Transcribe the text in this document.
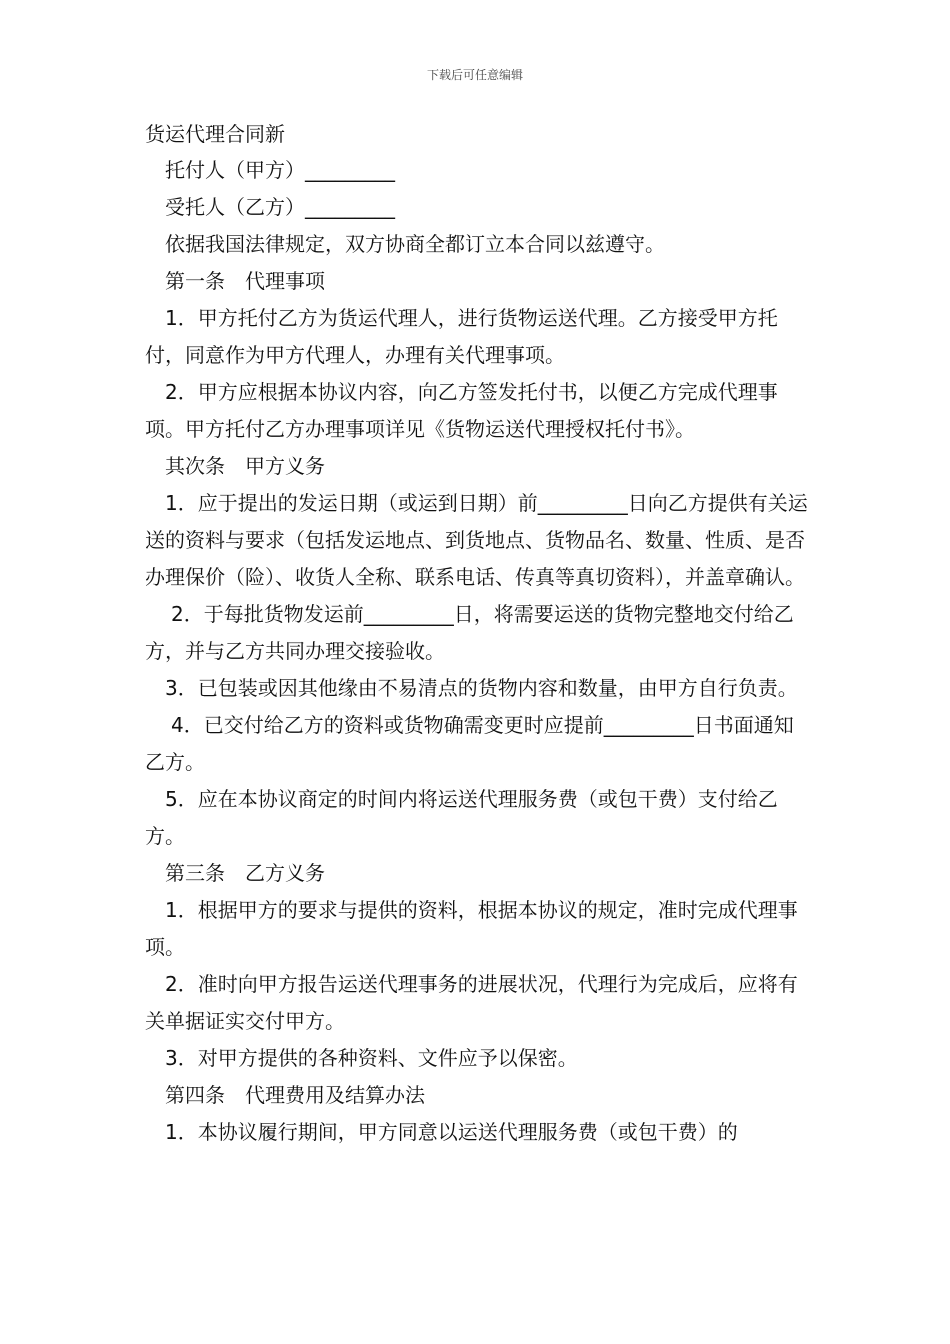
下载后可任意编辑
货运代理合同新

托付人（甲方）_________

受托人（乙方）_________

依据我国法律规定，双方协商全都订立本合同以兹遵守。

第一条　代理事项

1．甲方托付乙方为货运代理人，进行货物运送代理。乙方接受甲方托付，同意作为甲方代理人，办理有关代理事项。

2．甲方应根据本协议内容，向乙方签发托付书，以便乙方完成代理事项。甲方托付乙方办理事项详见《货物运送代理授权托付书》。

其次条　甲方义务

1．应于提出的发运日期（或运到日期）前_________日向乙方提供有关运送的资料与要求（包括发运地点、到货地点、货物品名、数量、性质、是否办理保价（险）、收货人全称、联系电话、传真等真切资料），并盖章确认。

2．于每批货物发运前_________日，将需要运送的货物完整地交付给乙方，并与乙方共同办理交接验收。

3．已包装或因其他缘由不易清点的货物内容和数量，由甲方自行负责。

4．已交付给乙方的资料或货物确需变更时应提前_________日书面通知乙方。

5．应在本协议商定的时间内将运送代理服务费（或包干费）支付给乙方。

第三条　乙方义务

1．根据甲方的要求与提供的资料，根据本协议的规定，准时完成代理事项。

2．准时向甲方报告运送代理事务的进展状况，代理行为完成后，应将有关单据证实交付甲方。

3．对甲方提供的各种资料、文件应予以保密。

第四条　代理费用及结算办法

1．本协议履行期间，甲方同意以运送代理服务费（或包干费）的
